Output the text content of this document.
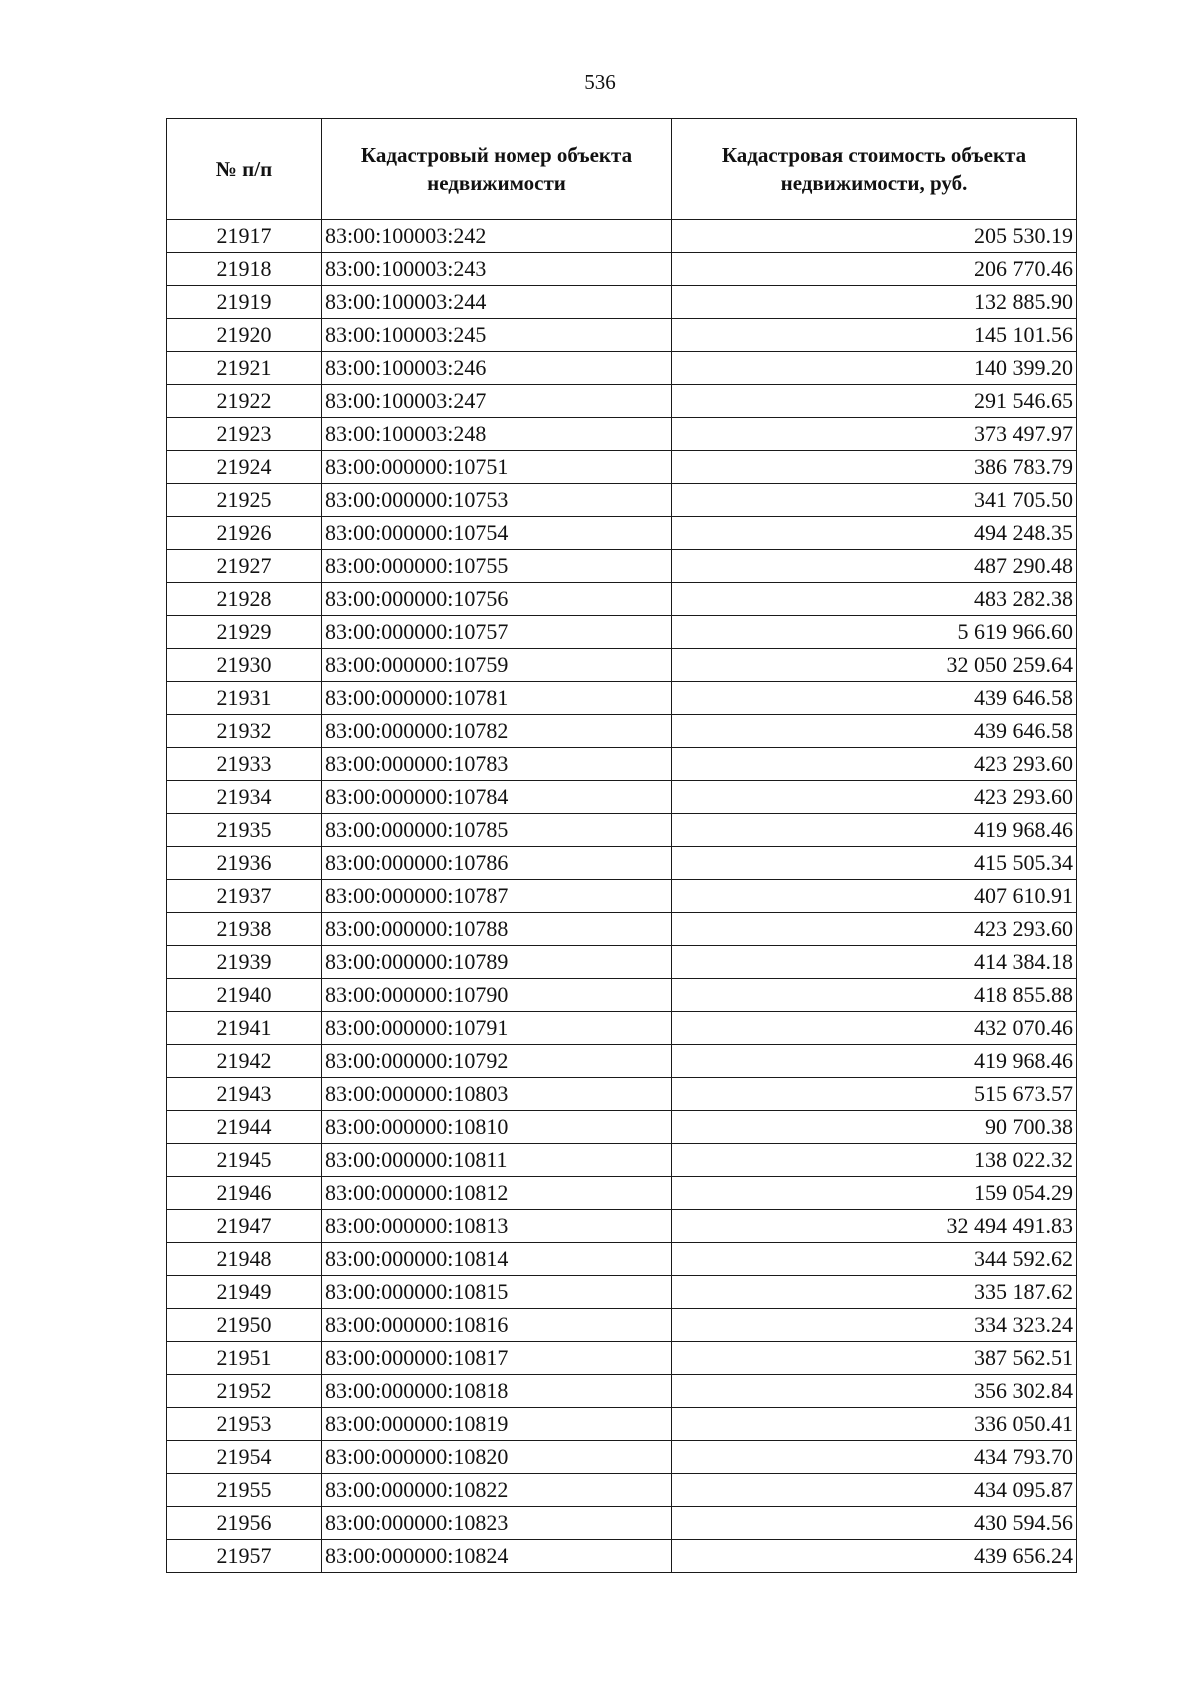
536
№ п/п	Кадастровый номер объекта недвижимости	Кадастровая стоимость объекта недвижимости, руб.
21917	83:00:100003:242	205 530.19
21918	83:00:100003:243	206 770.46
21919	83:00:100003:244	132 885.90
21920	83:00:100003:245	145 101.56
21921	83:00:100003:246	140 399.20
21922	83:00:100003:247	291 546.65
21923	83:00:100003:248	373 497.97
21924	83:00:000000:10751	386 783.79
21925	83:00:000000:10753	341 705.50
21926	83:00:000000:10754	494 248.35
21927	83:00:000000:10755	487 290.48
21928	83:00:000000:10756	483 282.38
21929	83:00:000000:10757	5 619 966.60
21930	83:00:000000:10759	32 050 259.64
21931	83:00:000000:10781	439 646.58
21932	83:00:000000:10782	439 646.58
21933	83:00:000000:10783	423 293.60
21934	83:00:000000:10784	423 293.60
21935	83:00:000000:10785	419 968.46
21936	83:00:000000:10786	415 505.34
21937	83:00:000000:10787	407 610.91
21938	83:00:000000:10788	423 293.60
21939	83:00:000000:10789	414 384.18
21940	83:00:000000:10790	418 855.88
21941	83:00:000000:10791	432 070.46
21942	83:00:000000:10792	419 968.46
21943	83:00:000000:10803	515 673.57
21944	83:00:000000:10810	90 700.38
21945	83:00:000000:10811	138 022.32
21946	83:00:000000:10812	159 054.29
21947	83:00:000000:10813	32 494 491.83
21948	83:00:000000:10814	344 592.62
21949	83:00:000000:10815	335 187.62
21950	83:00:000000:10816	334 323.24
21951	83:00:000000:10817	387 562.51
21952	83:00:000000:10818	356 302.84
21953	83:00:000000:10819	336 050.41
21954	83:00:000000:10820	434 793.70
21955	83:00:000000:10822	434 095.87
21956	83:00:000000:10823	430 594.56
21957	83:00:000000:10824	439 656.24
